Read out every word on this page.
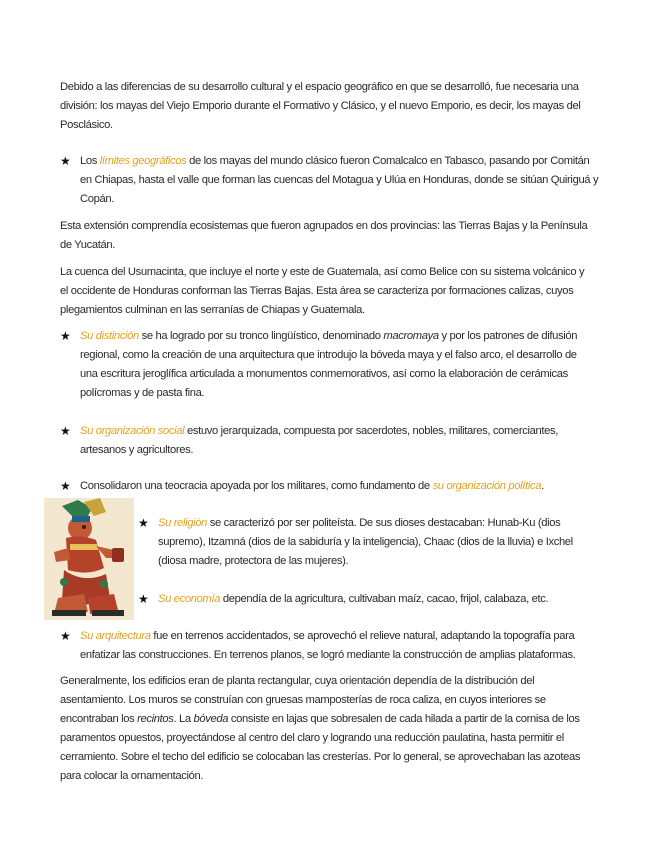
Debido a las diferencias de su desarrollo cultural y el espacio geográfico en que se desarrolló, fue necesaria una división: los mayas del Viejo Emporio durante el Formativo y Clásico, y el nuevo Emporio, es decir, los mayas del Posclásico.
★ Los límites geográficos de los mayas del mundo clásico fueron Comalcalco en Tabasco, pasando por Comitán en Chiapas, hasta el valle que forman las cuencas del Motagua y Ulúa en Honduras, donde se sitúan Quiriguá y Copán.
Esta extensión comprendía ecosistemas que fueron agrupados en dos provincias: las Tierras Bajas y la Península de Yucatán.
La cuenca del Usumacinta, que incluye el norte y este de Guatemala, así como Belice con su sistema volcánico y el occidente de Honduras conforman las Tierras Bajas. Esta área se caracteriza por formaciones calizas, cuyos plegamientos culminan en las serranías de Chiapas y Guatemala.
★ Su distinción se ha logrado por su tronco lingüístico, denominado macromaya y por los patrones de difusión regional, como la creación de una arquitectura que introdujo la bóveda maya y el falso arco, el desarrollo de una escritura jeroglífica articulada a monumentos conmemorativos, así como la elaboración de cerámicas polícromas y de pasta fina.
★ Su organización social estuvo jerarquizada, compuesta por sacerdotes, nobles, militares, comerciantes, artesanos y agricultores.
★ Consolidaron una teocracia apoyada por los militares, como fundamento de su organización política.
★ Su religión se caracterizó por ser politeísta. De sus dioses destacaban: Hunab-Ku (dios supremo), Itzamná (dios de la sabiduría y la inteligencia), Chaac (dios de la lluvia) e Ixchel (diosa madre, protectora de las mujeres).
★ Su economía dependía de la agricultura, cultivaban maíz, cacao, frijol, calabaza, etc.
★ Su arquitectura fue en terrenos accidentados, se aprovechó el relieve natural, adaptando la topografía para enfatizar las construcciones. En terrenos planos, se logró mediante la construcción de amplias plataformas.
Generalmente, los edificios eran de planta rectangular, cuya orientación dependía de la distribución del asentamiento. Los muros se construían con gruesas mamposterías de roca caliza, en cuyos interiores se encontraban los recintos. La bóveda consiste en lajas que sobresalen de cada hilada a partir de la cornisa de los paramentos opuestos, proyectándose al centro del claro y logrando una reducción paulatina, hasta permitir el cerramiento. Sobre el techo del edificio se colocaban las cresterías. Por lo general, se aprovechaban las azoteas para colocar la ornamentación.
